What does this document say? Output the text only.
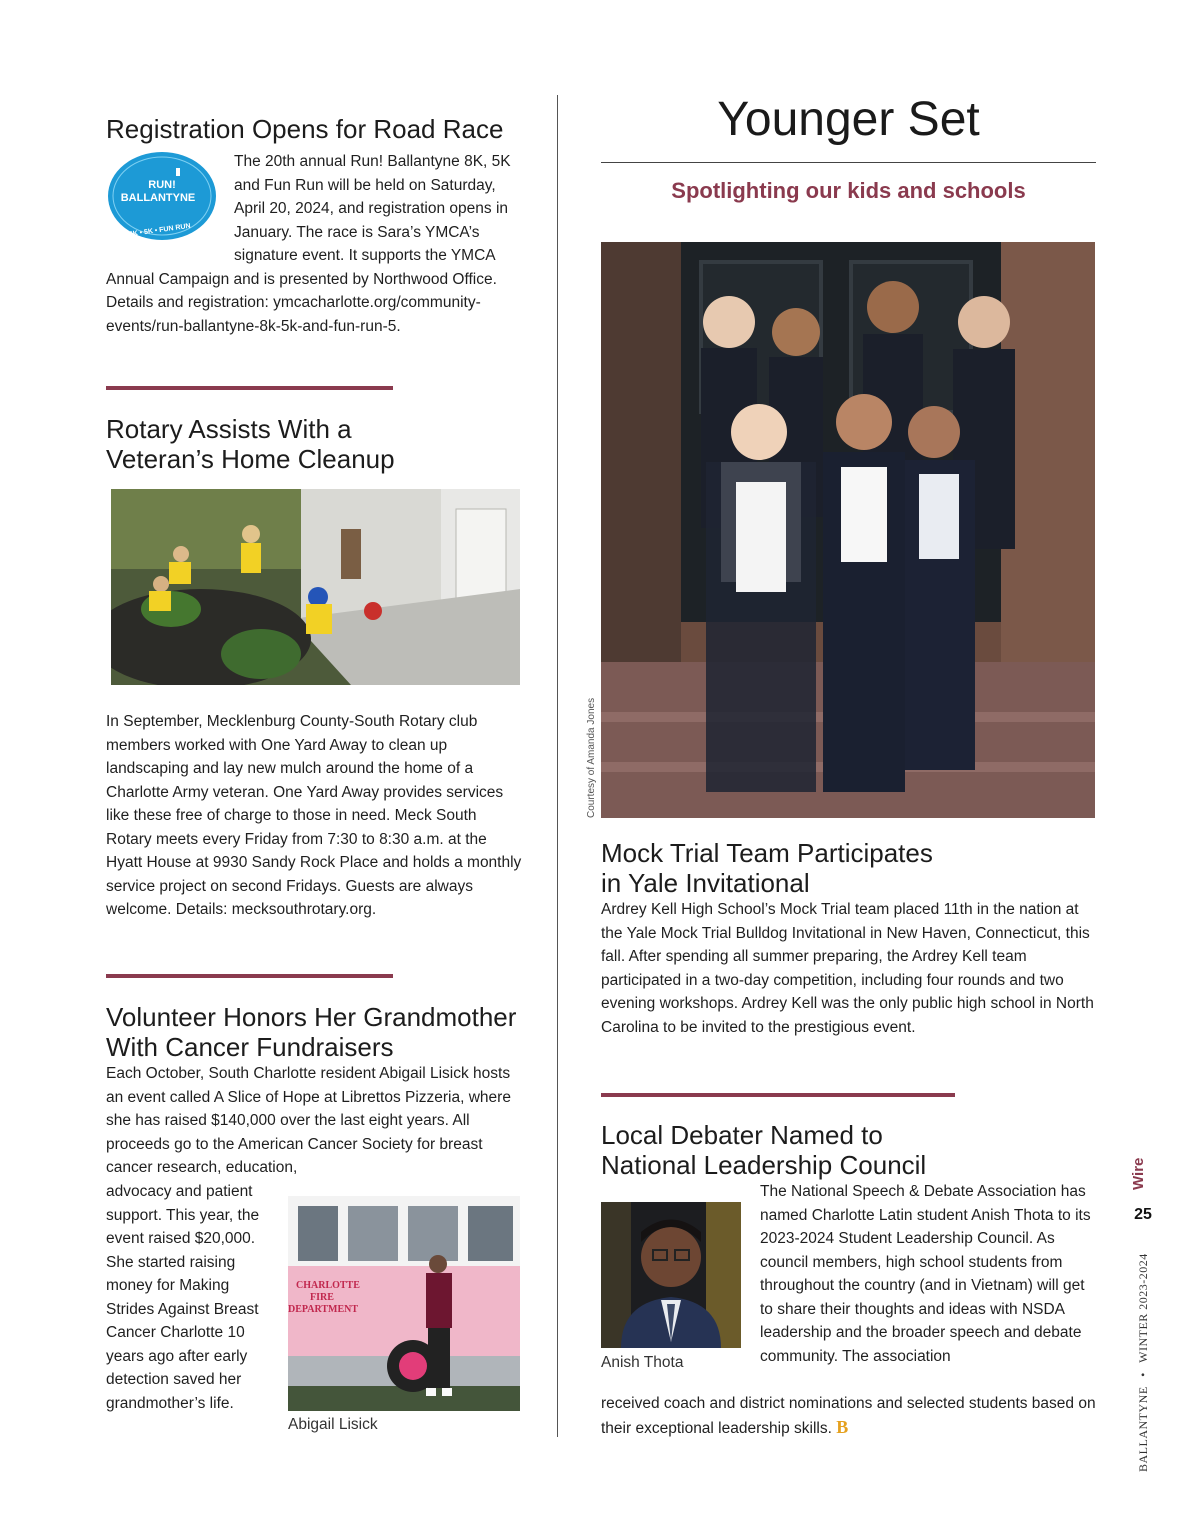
Registration Opens for Road Race
RUN!
BALLANTYNE
8K • 5K • FUN RUN

The 20th annual Run! Ballantyne 8K, 5K and Fun Run will be held on Saturday, April 20, 2024, and registration opens in January. The race is Sara’s YMCA’s signature event. It supports the YMCA Annual Campaign and is presented by Northwood Office. Details and registration: ymcacharlotte.org/community-events/run-ballantyne-8k-5k-and-fun-run-5.

Rotary Assists With a
Veteran’s Home Cleanup

In September, Mecklenburg County-South Rotary club members worked with One Yard Away to clean up landscaping and lay new mulch around the home of a Charlotte Army veteran. One Yard Away provides services like these free of charge to those in need. Meck South Rotary meets every Friday from 7:30 to 8:30 a.m. at the Hyatt House at 9930 Sandy Rock Place and holds a monthly service project on second Fridays. Guests are always welcome. Details: mecksouthrotary.org.

Volunteer Honors Her Grandmother
With Cancer Fundraisers

Each October, South Charlotte resident Abigail Lisick hosts an event called A Slice of Hope at Librettos Pizzeria, where she has raised $140,000 over the last eight years. All proceeds go to the American Cancer Society for breast cancer research, education,

advocacy and patient support. This year, the event raised $20,000. She started raising money for Making Strides Against Breast Cancer Charlotte 10 years ago after early detection saved her grandmother’s life.

CHARLOTTE
FIRE
DEPARTMENT
Abigail Lisick
Younger Set
Spotlighting our kids and schools
Courtesy of Amanda Jones
Mock Trial Team Participates
in Yale Invitational

Ardrey Kell High School’s Mock Trial team placed 11th in the nation at the Yale Mock Trial Bulldog Invitational in New Haven, Connecticut, this fall. After spending all summer preparing, the Ardrey Kell team participated in a two-day competition, including four rounds and two evening workshops. Ardrey Kell was the only public high school in North Carolina to be invited to the prestigious event.

Local Debater Named to
National Leadership Council
Anish Thota

The National Speech & Debate Association has named Charlotte Latin student Anish Thota to its 2023-2024 Student Leadership Council. As council members, high school students from throughout the country (and in Vietnam) will get to share their thoughts and ideas with NSDA leadership and the broader speech and debate community. The association

received coach and district nominations and selected students based on their exceptional leadership skills. B

Wire
25
BALLANTYNE • WINTER 2023-2024
